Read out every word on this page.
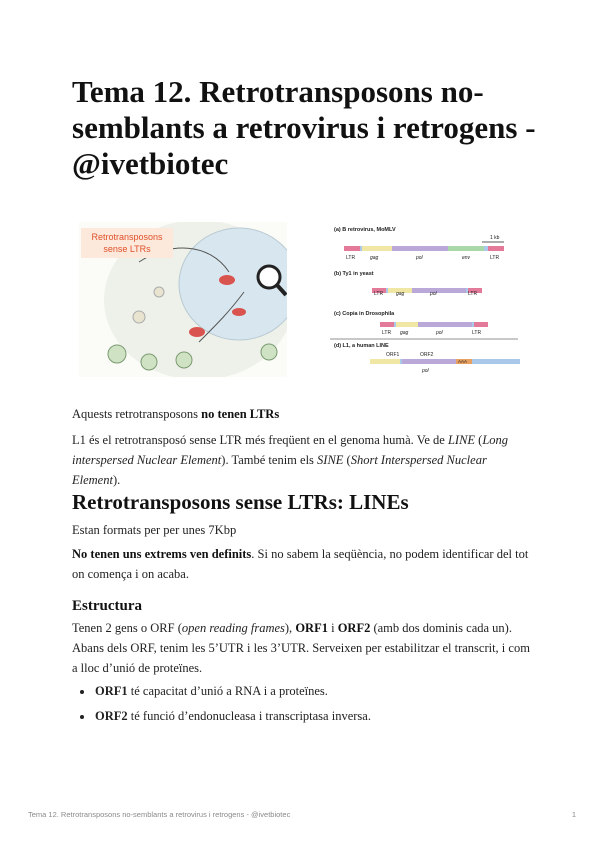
Tema 12. Retrotransposons no-semblants a retrovirus i retrogens - @ivetbiotec
Retrotransposons
sense LTRs
(a) B retrovirus, MoMLV
1 kb
LTR	gag	pol	env	LTR
(b) Ty1 in yeast
LTR	gag	pol	LTR
(c) Copia in Drosophila
LTR gag	pol	LTR
(d) L1, a human LINE
ORF1	ORF2
AAA
pol

Aquests retrotransposons no tenen LTRs

L1 és el retrotransposó sense LTR més freqüent en el genoma humà. Ve de LINE (Long interspersed Nuclear Element). També tenim els SINE (Short Interspersed Nuclear Element).

Retrotransposons sense LTRs: LINEs

Estan formats per per unes 7Kbp

No tenen uns extrems ven definits. Si no sabem la seqüència, no podem identificar del tot on comença i on acaba.

Estructura

Tenen 2 gens o ORF (open reading frames), ORF1 i ORF2 (amb dos dominis cada un). Abans dels ORF, tenim les 5’UTR i les 3’UTR. Serveixen per estabilitzar el transcrit, i com a lloc d’unió de proteïnes.

ORF1 té capacitat d’unió a RNA i a proteïnes.
ORF2 té funció d’endonucleasa i transcriptasa inversa.
Tema 12. Retrotransposons no-semblants a retrovirus i retrogens - @ivetbiotec	1
